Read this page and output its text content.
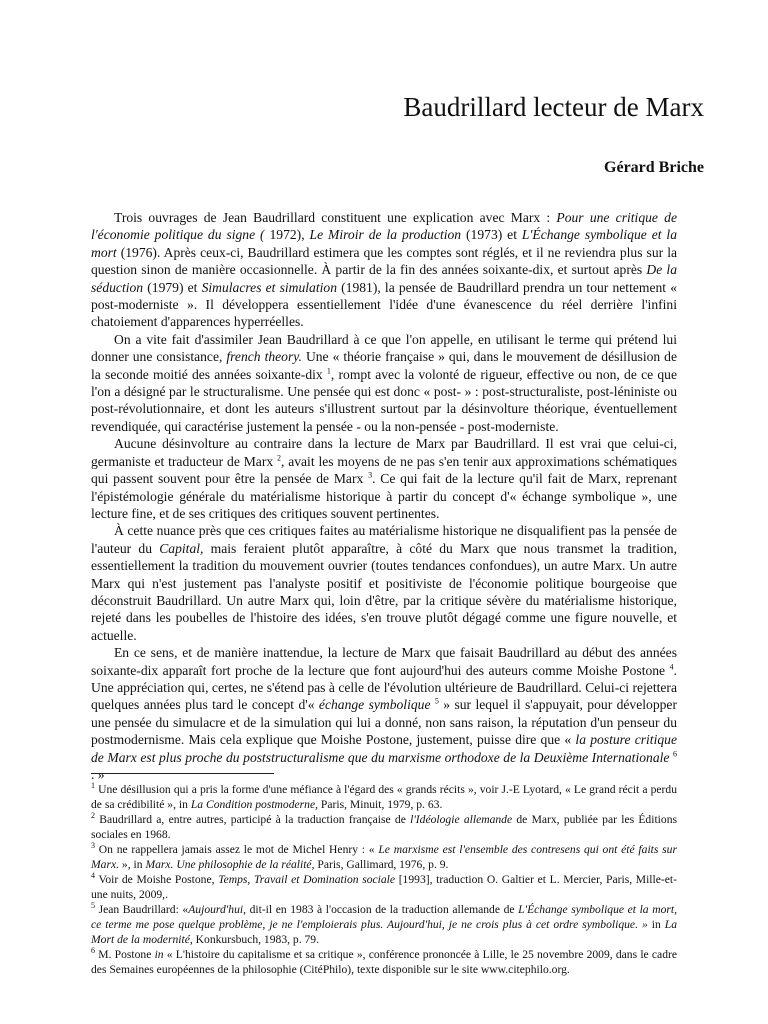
Baudrillard lecteur de Marx
Gérard Briche

Trois ouvrages de Jean Baudrillard constituent une explication avec Marx : Pour une critique de l'économie politique du signe ( 1972), Le Miroir de la production (1973) et L'Échange symbolique et la mort (1976). Après ceux-ci, Baudrillard estimera que les comptes sont réglés, et il ne reviendra plus sur la question sinon de manière occasionnelle. À partir de la fin des années soixante-dix, et surtout après De la séduction (1979) et Simulacres et simulation (1981), la pensée de Baudrillard prendra un tour nettement « post-moderniste ». Il développera essentiellement l'idée d'une évanescence du réel derrière l'infini chatoiement d'apparences hyperréelles.

On a vite fait d'assimiler Jean Baudrillard à ce que l'on appelle, en utilisant le terme qui prétend lui donner une consistance, french theory. Une « théorie française » qui, dans le mouvement de désillusion de la seconde moitié des années soixante-dix $^1$, rompt avec la volonté de rigueur, effective ou non, de ce que l'on a désigné par le structuralisme. Une pensée qui est donc « post- » : post-structuraliste, post-léniniste ou post-révolutionnaire, et dont les auteurs s'illustrent surtout par la désinvolture théorique, éventuellement revendiquée, qui caractérise justement la pensée - ou la non-pensée - post-moderniste.

Aucune désinvolture au contraire dans la lecture de Marx par Baudrillard. Il est vrai que celui-ci, germaniste et traducteur de Marx $^2$, avait les moyens de ne pas s'en tenir aux approximations schématiques qui passent souvent pour être la pensée de Marx $^3$. Ce qui fait de la lecture qu'il fait de Marx, reprenant l'épistémologie générale du matérialisme historique à partir du concept d'« échange symbolique », une lecture fine, et de ses critiques des critiques souvent pertinentes.

À cette nuance près que ces critiques faites au matérialisme historique ne disqualifient pas la pensée de l'auteur du Capital, mais feraient plutôt apparaître, à côté du Marx que nous transmet la tradition, essentiellement la tradition du mouvement ouvrier (toutes tendances confondues), un autre Marx. Un autre Marx qui n'est justement pas l'analyste positif et positiviste de l'économie politique bourgeoise que déconstruit Baudrillard. Un autre Marx qui, loin d'être, par la critique sévère du matérialisme historique, rejeté dans les poubelles de l'histoire des idées, s'en trouve plutôt dégagé comme une figure nouvelle, et actuelle.

En ce sens, et de manière inattendue, la lecture de Marx que faisait Baudrillard au début des années soixante-dix apparaît fort proche de la lecture que font aujourd'hui des auteurs comme Moishe Postone $^4$. Une appréciation qui, certes, ne s'étend pas à celle de l'évolution ultérieure de Baudrillard. Celui-ci rejettera quelques années plus tard le concept d'« échange symbolique $^5$ » sur lequel il s'appuyait, pour développer une pensée du simulacre et de la simulation qui lui a donné, non sans raison, la réputation d'un penseur du postmodernisme. Mais cela explique que Moishe Postone, justement, puisse dire que « la posture critique de Marx est plus proche du poststructuralisme que du marxisme orthodoxe de la Deuxième Internationale $^6$ . »

$^1$ Une désillusion qui a pris la forme d'une méfiance à l'égard des « grands récits », voir J.-E Lyotard, « Le grand récit a perdu de sa crédibilité », in La Condition postmoderne, Paris, Minuit, 1979, p. 63.

$^2$ Baudrillard a, entre autres, participé à la traduction française de l'Idéologie allemande de Marx, publiée par les Éditions sociales en 1968.

$^3$ On ne rappellera jamais assez le mot de Michel Henry : « Le marxisme est l'ensemble des contresens qui ont été faits sur Marx. », in Marx. Une philosophie de la réalité, Paris, Gallimard, 1976, p. 9.

$^4$ Voir de Moishe Postone, Temps, Travail et Domination sociale [1993], traduction O. Galtier et L. Mercier, Paris, Mille-et-une nuits, 2009,.

$^5$ Jean Baudrillard: «Aujourd'hui, dit-il en 1983 à l'occasion de la traduction allemande de L'Échange symbolique et la mort, ce terme me pose quelque problème, je ne l'emploierais plus. Aujourd'hui, je ne crois plus à cet ordre symbolique. » in La Mort de la modernité, Konkursbuch, 1983, p. 79.

$^6$ M. Postone in « L'histoire du capitalisme et sa critique », conférence prononcée à Lille, le 25 novembre 2009, dans le cadre des Semaines européennes de la philosophie (CitéPhilo), texte disponible sur le site www.citephilo.org.
